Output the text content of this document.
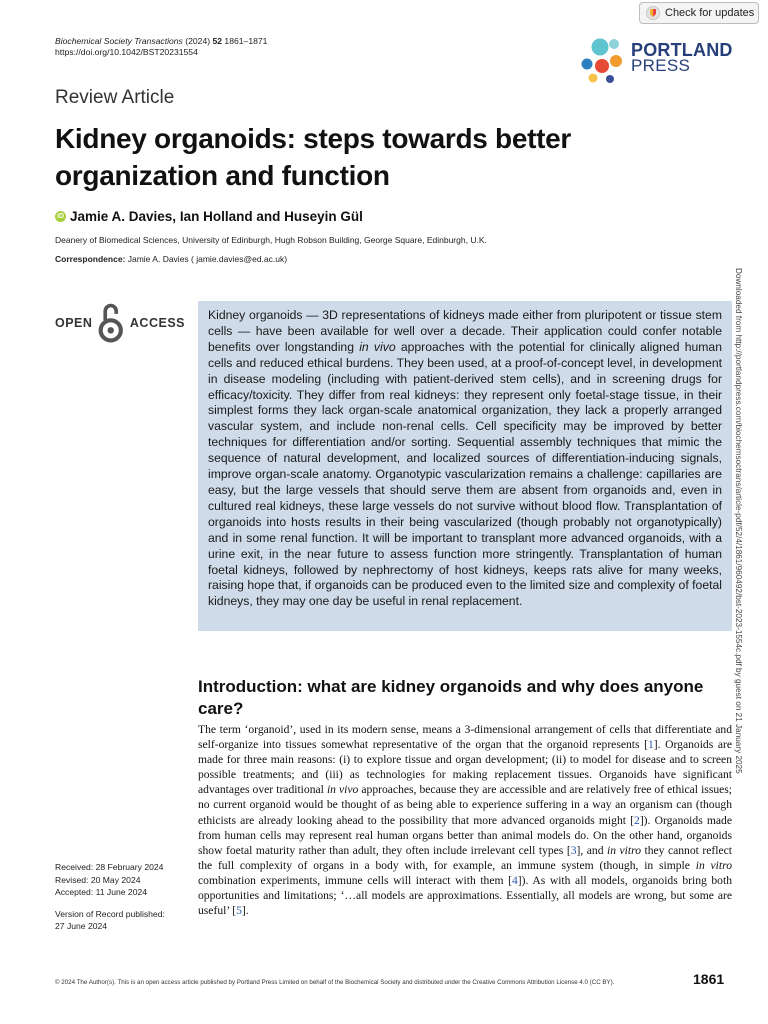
Check for updates
Biochemical Society Transactions (2024) 52 1861–1871
https://doi.org/10.1042/BST20231554	PORTLAND
PRESS
Review Article
Kidney organoids: steps towards better organization and function
iD Jamie A. Davies, Ian Holland and Huseyin Gül
Deanery of Biomedical Sciences, University of Edinburgh, Hugh Robson Building, George Square, Edinburgh, U.K.
Correspondence: Jamie A. Davies ( jamie.davies@ed.ac.uk)
OPEN	ACCESS
Kidney organoids — 3D representations of kidneys made either from pluripotent or tissue stem cells — have been available for well over a decade. Their application could confer notable benefits over longstanding in vivo approaches with the potential for clinically aligned human cells and reduced ethical burdens. They been used, at a proof-of-concept level, in development in disease modeling (including with patient-derived stem cells), and in screening drugs for efficacy/toxicity. They differ from real kidneys: they represent only foetal-stage tissue, in their simplest forms they lack organ-scale anatomical organization, they lack a properly arranged vascular system, and include non-renal cells. Cell specificity may be improved by better techniques for differentiation and/or sorting. Sequential assembly techniques that mimic the sequence of natural development, and localized sources of differentiation-inducing signals, improve organ-scale anatomy. Organotypic vascularization remains a challenge: capillaries are easy, but the large vessels that should serve them are absent from organoids and, even in cultured real kidneys, these large vessels do not survive without blood flow. Transplantation of organoids into hosts results in their being vascularized (though probably not organotypically) and in some renal function. It will be important to transplant more advanced organoids, with a urine exit, in the near future to assess function more stringently. Transplantation of human foetal kidneys, followed by nephrectomy of host kidneys, keeps rats alive for many weeks, raising hope that, if organoids can be produced even to the limited size and complexity of foetal kidneys, they may one day be useful in renal replacement.	Downloaded from http://portlandpress.com/biochemsoctrans/article-pdf/52/4/1861/960492/bst-2023-1554c.pdf by guest on 21 January 2025
Introduction: what are kidney organoids and why does anyone care?
The term ‘organoid’, used in its modern sense, means a 3-dimensional arrangement of cells that differentiate and self-organize into tissues somewhat representative of the organ that the organoid represents [1]. Organoids are made for three main reasons: (i) to explore tissue and organ development; (ii) to model for disease and to screen possible treatments; and (iii) as technologies for making replacement tissues. Organoids have significant advantages over traditional in vivo approaches, because they are accessible and are relatively free of ethical issues; no current organoid would be thought of as being able to experience suffering in a way an organism can (though ethicists are already looking ahead to the possibility that more advanced organoids might [2]). Organoids made from human cells may represent real human organs better than animal models do. On the other hand, organoids show foetal maturity rather than adult, they often include irrelevant cell types [3], and in vitro they cannot reflect the full complexity of organs in a body with, for example, an immune system (though, in simple in vitro combination experiments, immune cells will interact with them [4]). As with all models, organoids bring both opportunities and limitations; ‘…all models are approximations. Essentially, all models are wrong, but some are useful’ [5].
Received: 28 February 2024
Revised: 20 May 2024
Accepted: 11 June 2024
Version of Record published:
27 June 2024
© 2024 The Author(s). This is an open access article published by Portland Press Limited on behalf of the Biochemical Society and distributed under the Creative Commons Attribution License 4.0 (CC BY).	1861
